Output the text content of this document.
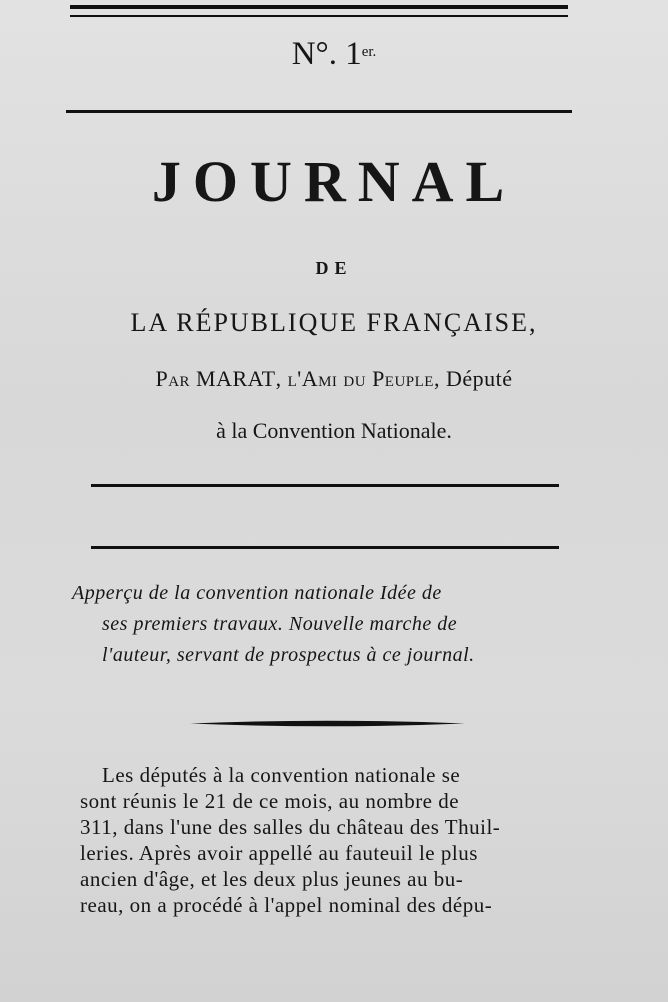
N°. $1^{er.}$
JOURNAL
DE
LA RÉPUBLIQUE FRANÇAISE,
Par MARAT, l'Ami du Peuple, Député
à la Convention Nationale.
Apperçu de la convention nationale Idée de
ses premiers travaux. Nouvelle marche de
l'auteur, servant de prospectus à ce journal.
Les députés à la convention nationale se
sont réunis le 21 de ce mois, au nombre de
311, dans l'une des salles du château des Thuil-
leries. Après avoir appellé au fauteuil le plus
ancien d'âge, et les deux plus jeunes au bu-
reau, on a procédé à l'appel nominal des dépu-
